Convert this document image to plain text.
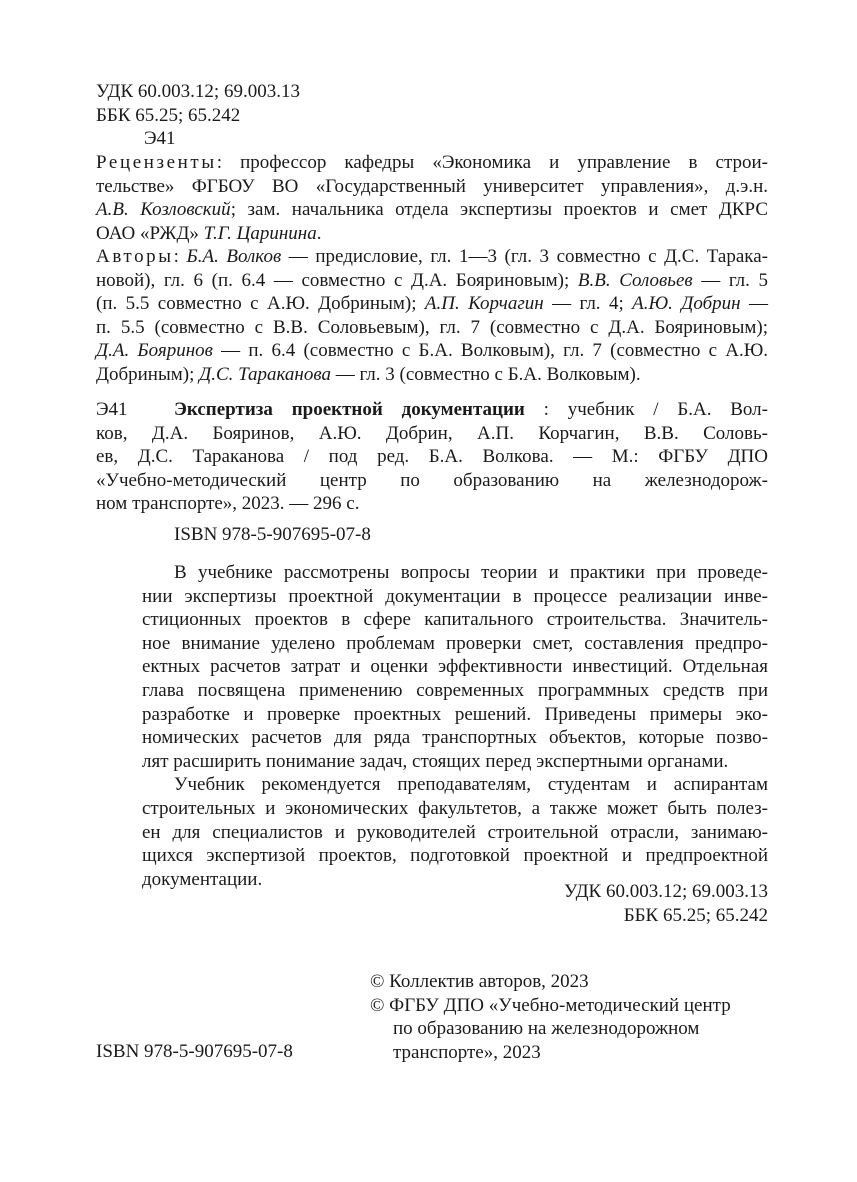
УДК 60.003.12; 69.003.13
ББК 65.25; 65.242
Э41
Рецензенты: профессор кафедры «Экономика и управление в строи-
тельстве» ФГБОУ ВО «Государственный университет управления», д.э.н.
А.В. Козловский; зам. начальника отдела экспертизы проектов и смет ДКРС
ОАО «РЖД» Т.Г. Царинина.
Авторы: Б.А. Волков — предисловие, гл. 1—3 (гл. 3 совместно с Д.С. Тарака-
новой), гл. 6 (п. 6.4 — совместно с Д.А. Бояриновым); В.В. Соловьев — гл. 5
(п. 5.5 совместно с А.Ю. Добриным); А.П. Корчагин — гл. 4; А.Ю. Добрин —
п. 5.5 (совместно с В.В. Соловьевым), гл. 7 (совместно с Д.А. Бояриновым);
Д.А. Бояринов — п. 6.4 (совместно с Б.А. Волковым), гл. 7 (совместно с А.Ю.
Добриным); Д.С. Тараканова — гл. 3 (совместно с Б.А. Волковым).
Э41	Экспертиза проектной документации : учебник / Б.А. Вол-
ков, Д.А. Бояринов, А.Ю. Добрин, А.П. Корчагин, В.В. Соловь-
ев, Д.С. Тараканова / под ред. Б.А. Волкова. — М.: ФГБУ ДПО
«Учебно-методический центр по образованию на железнодорож-
ном транспорте», 2023. — 296 с.
ISBN 978-5-907695-07-8
В учебнике рассмотрены вопросы теории и практики при проведе-
нии экспертизы проектной документации в процессе реализации инве-
стиционных проектов в сфере капитального строительства. Значитель-
ное внимание уделено проблемам проверки смет, составления предпро-
ектных расчетов затрат и оценки эффективности инвестиций. Отдельная
глава посвящена применению современных программных средств при
разработке и проверке проектных решений. Приведены примеры эко-
номических расчетов для ряда транспортных объектов, которые позво-
лят расширить понимание задач, стоящих перед экспертными органами.
Учебник рекомендуется преподавателям, студентам и аспирантам
строительных и экономических факультетов, а также может быть полез-
ен для специалистов и руководителей строительной отрасли, занимаю-
щихся экспертизой проектов, подготовкой проектной и предпроектной
документации.
УДК 60.003.12; 69.003.13
ББК 65.25; 65.242
© Коллектив авторов, 2023
© ФГБУ ДПО «Учебно-методический центр
по образованию на железнодорожном
транспорте», 2023
ISBN 978-5-907695-07-8
